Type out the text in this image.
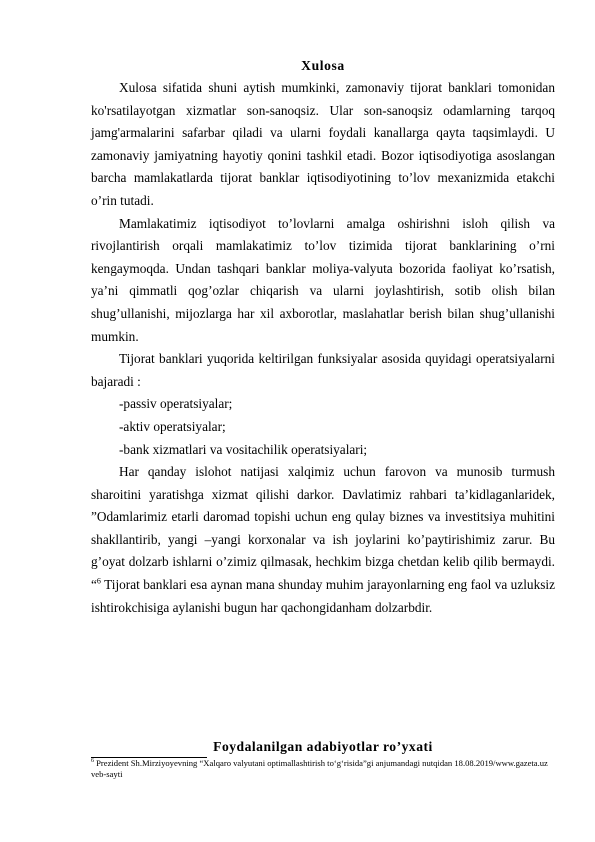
Xulosa

Xulosa sifatida shuni aytish mumkinki, zamonaviy tijorat banklari tomonidan ko'rsatilayotgan xizmatlar son-sanoqsiz. Ular son-sanoqsiz odamlarning tarqoq jamg'armalarini safarbar qiladi va ularni foydali kanallarga qayta taqsimlaydi. U zamonaviy jamiyatning hayotiy qonini tashkil etadi. Bozor iqtisodiyotiga asoslangan barcha mamlakatlarda tijorat banklar iqtisodiyotining to’lov mexanizmida etakchi o’rin tutadi.

Mamlakatimiz iqtisodiyot to’lovlarni amalga oshirishni isloh qilish va rivojlantirish orqali mamlakatimiz to’lov tizimida tijorat banklarining o’rni kengaymoqda. Undan tashqari banklar moliya-valyuta bozorida faoliyat ko’rsatish, ya’ni qimmatli qog’ozlar chiqarish va ularni joylashtirish, sotib olish bilan shug’ullanishi, mijozlarga har xil axborotlar, maslahatlar berish bilan shug’ullanishi mumkin.

Tijorat banklari yuqorida keltirilgan funksiyalar asosida quyidagi operatsiyalarni bajaradi :

-passiv operatsiyalar;

-aktiv operatsiyalar;

-bank xizmatlari va vositachilik operatsiyalari;

Har qanday islohot natijasi xalqimiz uchun farovon va munosib turmush sharoitini yaratishga xizmat qilishi darkor. Davlatimiz rahbari ta’kidlaganlaridek, ”Odamlarimiz etarli daromad topishi uchun eng qulay biznes va investitsiya muhitini shakllantirib, yangi –yangi korxonalar va ish joylarini ko’paytirishimiz zarur. Bu g’oyat dolzarb ishlarni o’zimiz qilmasak, hechkim bizga chetdan kelib qilib bermaydi. “$^6$ Tijorat banklari esa aynan mana shunday muhim jarayonlarning eng faol va uzluksiz ishtirokchisiga aylanishi bugun har qachongidanham dolzarbdir.

Foydalanilgan adabiyotlar ro’yxati

$^6$ Prezident Sh.Mirziyoyevning “Xalqaro valyutani optimallashtirish to‘g‘risida”gi anjumandagi nutqidan 18.08.2019/www.gazeta.uz veb-sayti
